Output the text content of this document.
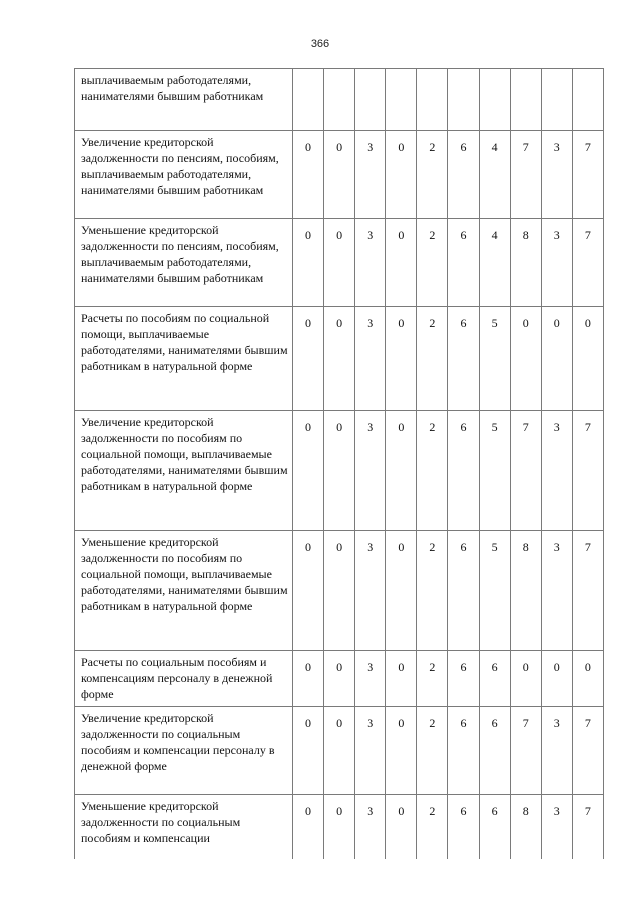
366
выплачиваемым работодателями, нанимателями бывшим работникам										
Увеличение кредиторской задолженности по пенсиям, пособиям, выплачиваемым работодателями, нанимателями бывшим работникам	0	0	3	0	2	6	4	7	3	7
Уменьшение кредиторской задолженности по пенсиям, пособиям, выплачиваемым работодателями, нанимателями бывшим работникам	0	0	3	0	2	6	4	8	3	7
Расчеты по пособиям по социальной помощи, выплачиваемые работодателями, нанимателями бывшим работникам в натуральной форме	0	0	3	0	2	6	5	0	0	0
Увеличение кредиторской задолженности по пособиям по социальной помощи, выплачиваемые работодателями, нанимателями бывшим работникам в натуральной форме	0	0	3	0	2	6	5	7	3	7
Уменьшение кредиторской задолженности по пособиям по социальной помощи, выплачиваемые работодателями, нанимателями бывшим работникам в натуральной форме	0	0	3	0	2	6	5	8	3	7
Расчеты по социальным пособиям и компенсациям персоналу в денежной форме	0	0	3	0	2	6	6	0	0	0
Увеличение кредиторской задолженности по социальным пособиям и компенсации персоналу в денежной форме	0	0	3	0	2	6	6	7	3	7
Уменьшение кредиторской задолженности по социальным пособиям и компенсации	0	0	3	0	2	6	6	8	3	7
